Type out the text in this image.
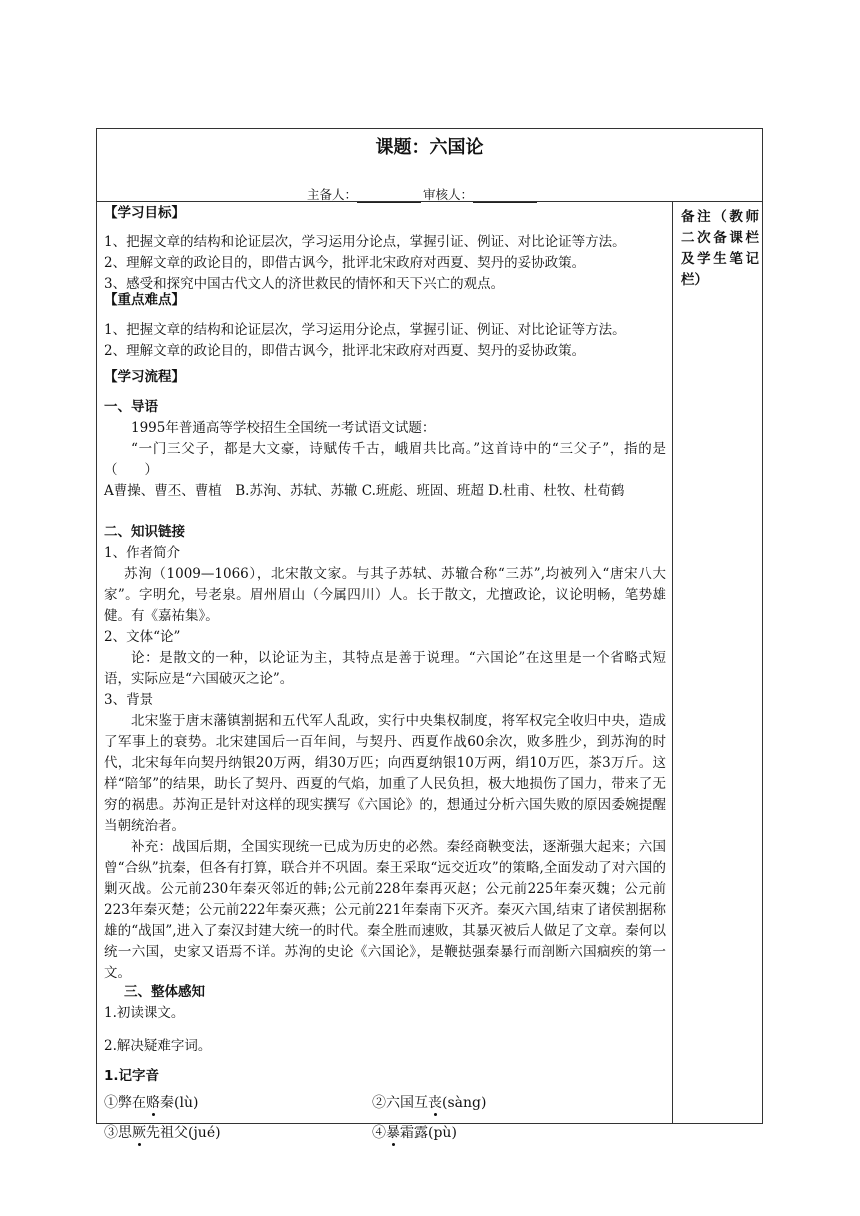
课题：六国论
主备人：	审核人：
备注（教师二次备课栏及学生笔记栏）
【学习目标】
1、把握文章的结构和论证层次，学习运用分论点，掌握引证、例证、对比论证等方法。
2、理解文章的政论目的，即借古讽今，批评北宋政府对西夏、契丹的妥协政策。
3、感受和探究中国古代文人的济世救民的情怀和天下兴亡的观点。
【重点难点】
1、把握文章的结构和论证层次，学习运用分论点，掌握引证、例证、对比论证等方法。
2、理解文章的政论目的，即借古讽今，批评北宋政府对西夏、契丹的妥协政策。
【学习流程】
一、导语
1995年普通高等学校招生全国统一考试语文试题：
“一门三父子，都是大文豪，诗赋传千古，峨眉共比高。”这首诗中的“三父子”，指的是（　　）
A曹操、曹丕、曹植　B.苏洵、苏轼、苏辙 C.班彪、班固、班超 D.杜甫、杜牧、杜荀鹤
二、知识链接
1、作者简介
苏洵（1009—1066），北宋散文家。与其子苏轼、苏辙合称“三苏”,均被列入“唐宋八大家”。字明允，号老泉。眉州眉山（今属四川）人。长于散文，尤擅政论，议论明畅，笔势雄健。有《嘉祐集》。
2、文体“论”
论：是散文的一种，以论证为主，其特点是善于说理。“六国论”在这里是一个省略式短语，实际应是“六国破灭之论”。
3、背景
北宋鉴于唐末藩镇割据和五代军人乱政，实行中央集权制度，将军权完全收归中央，造成了军事上的衰势。北宋建国后一百年间，与契丹、西夏作战60余次，败多胜少，到苏洵的时代，北宋每年向契丹纳银20万两，绢30万匹；向西夏纳银10万两，绢10万匹，茶3万斤。这样“陪邹”的结果，助长了契丹、西夏的气焰，加重了人民负担，极大地损伤了国力，带来了无穷的祸患。苏洵正是针对这样的现实撰写《六国论》的，想通过分析六国失败的原因委婉提醒当朝统治者。
补充：战国后期，全国实现统一已成为历史的必然。秦经商鞅变法，逐渐强大起来；六国曾“合纵”抗秦，但各有打算，联合并不巩固。秦王采取“远交近攻”的策略,全面发动了对六国的剿灭战。公元前230年秦灭邻近的韩;公元前228年秦再灭赵；公元前225年秦灭魏；公元前223年秦灭楚；公元前222年秦灭燕；公元前221年秦南下灭齐。秦灭六国,结束了诸侯割据称雄的“战国”,进入了秦汉封建大统一的时代。秦全胜而速败，其暴灭被后人做足了文章。秦何以统一六国，史家又语焉不详。苏洵的史论《六国论》，是鞭挞强秦暴行而剖断六国痼疾的第一文。
三、整体感知
1.初读课文。
2.解决疑难字词。
1.记字音
①弊在赂秦(lù)	②六国互丧(sàng)
③思厥先祖父(jué)	④暴霜露(pù)
